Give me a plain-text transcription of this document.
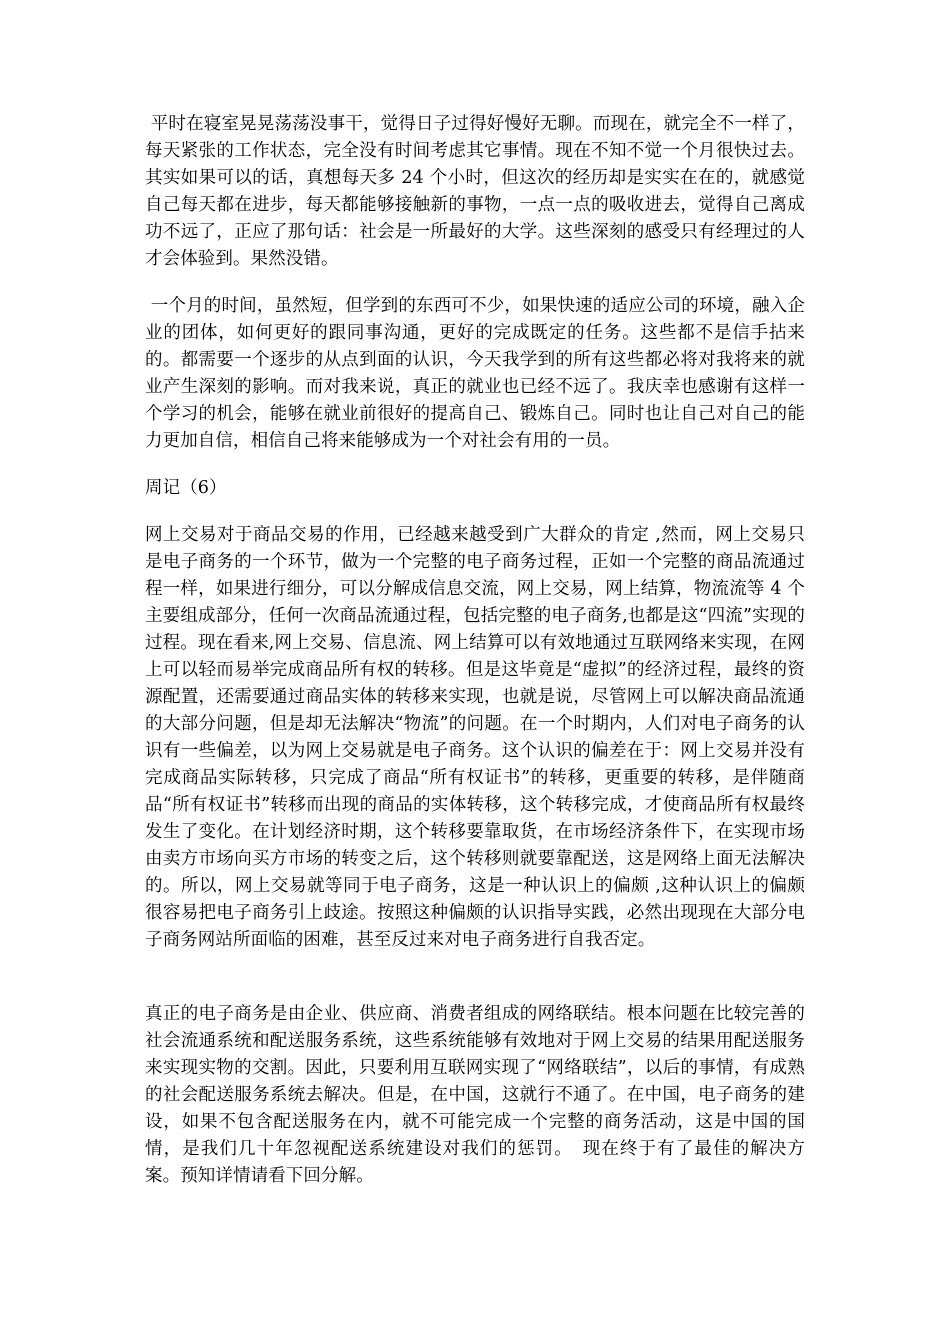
平时在寝室晃晃荡荡没事干，觉得日子过得好慢好无聊。而现在，就完全不一样了，每天紧张的工作状态，完全没有时间考虑其它事情。现在不知不觉一个月很快过去。其实如果可以的话，真想每天多 24 个小时，但这次的经历却是实实在在的，就感觉自己每天都在进步，每天都能够接触新的事物，一点一点的吸收进去，觉得自己离成功不远了，正应了那句话：社会是一所最好的大学。这些深刻的感受只有经理过的人才会体验到。果然没错。

一个月的时间，虽然短，但学到的东西可不少，如果快速的适应公司的环境，融入企业的团体，如何更好的跟同事沟通，更好的完成既定的任务。这些都不是信手拈来的。都需要一个逐步的从点到面的认识，今天我学到的所有这些都必将对我将来的就业产生深刻的影响。而对我来说，真正的就业也已经不远了。我庆幸也感谢有这样一个学习的机会，能够在就业前很好的提高自己、锻炼自己。同时也让自己对自己的能力更加自信，相信自己将来能够成为一个对社会有用的一员。

周记（6）

网上交易对于商品交易的作用，已经越来越受到广大群众的肯定 ,然而，网上交易只是电子商务的一个环节，做为一个完整的电子商务过程，正如一个完整的商品流通过程一样，如果进行细分，可以分解成信息交流，网上交易，网上结算，物流流等 4 个主要组成部分，任何一次商品流通过程，包括完整的电子商务,也都是这“四流”实现的过程。现在看来,网上交易、信息流、网上结算可以有效地通过互联网络来实现，在网上可以轻而易举完成商品所有权的转移。但是这毕竟是“虚拟”的经济过程，最终的资源配置，还需要通过商品实体的转移来实现，也就是说，尽管网上可以解决商品流通的大部分问题，但是却无法解决“物流”的问题。在一个时期内，人们对电子商务的认识有一些偏差，以为网上交易就是电子商务。这个认识的偏差在于：网上交易并没有完成商品实际转移，只完成了商品“所有权证书”的转移，更重要的转移，是伴随商品“所有权证书”转移而出现的商品的实体转移，这个转移完成，才使商品所有权最终发生了变化。在计划经济时期，这个转移要靠取货，在市场经济条件下，在实现市场由卖方市场向买方市场的转变之后，这个转移则就要靠配送，这是网络上面无法解决的。所以，网上交易就等同于电子商务，这是一种认识上的偏颇 ,这种认识上的偏颇很容易把电子商务引上歧途。按照这种偏颇的认识指导实践，必然出现现在大部分电子商务网站所面临的困难，甚至反过来对电子商务进行自我否定。

真正的电子商务是由企业、供应商、消费者组成的网络联结。根本问题在比较完善的社会流通系统和配送服务系统，这些系统能够有效地对于网上交易的结果用配送服务来实现实物的交割。因此，只要利用互联网实现了“网络联结”，以后的事情，有成熟的社会配送服务系统去解决。但是，在中国，这就行不通了。在中国，电子商务的建设，如果不包含配送服务在内，就不可能完成一个完整的商务活动，这是中国的国情，是我们几十年忽视配送系统建设对我们的惩罚。　现在终于有了最佳的解决方案。预知详情请看下回分解。
